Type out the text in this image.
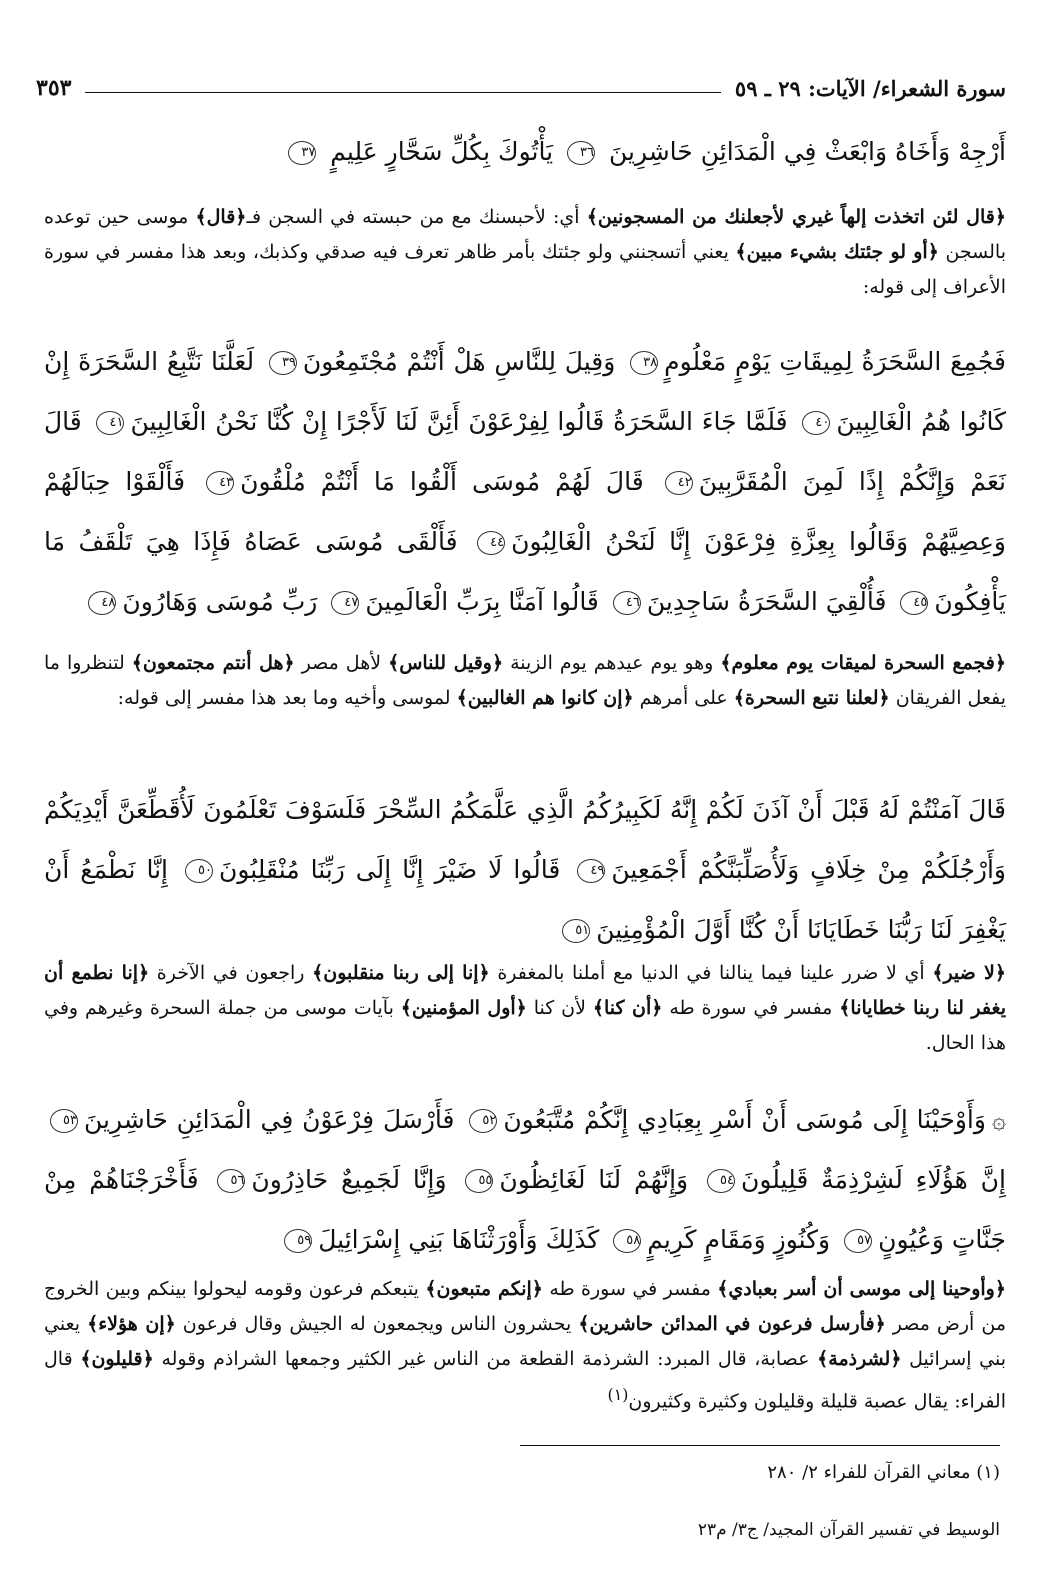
سورة الشعراء/ الآيات: ٢٩ ـ ٥٩
٣٥٣
أَرْجِهْ وَأَخَاهُ وَابْعَثْ فِي الْمَدَائِنِ حَاشِرِينَ ٣٦ يَأْتُوكَ بِكُلِّ سَحَّارٍ عَلِيمٍ ٣٧
﴿قال لئن اتخذت إلهاً غيري لأجعلنك من المسجونين﴾ أي: لأحبسنك مع من حبسته في السجن فـ﴿قال﴾ موسى حين توعده بالسجن ﴿أو لو جئتك بشيء مبين﴾ يعني أتسجنني ولو جئتك بأمر ظاهر تعرف فيه صدقي وكذبك، وبعد هذا مفسر في سورة الأعراف إلى قوله:
فَجُمِعَ السَّحَرَةُ لِمِيقَاتِ يَوْمٍ مَعْلُومٍ٣٨ وَقِيلَ لِلنَّاسِ هَلْ أَنْتُمْ مُجْتَمِعُونَ٣٩ لَعَلَّنَا نَتَّبِعُ السَّحَرَةَ إِنْ كَانُوا هُمُ الْغَالِبِينَ٤٠ فَلَمَّا جَاءَ السَّحَرَةُ قَالُوا لِفِرْعَوْنَ أَئِنَّ لَنَا لَأَجْرًا إِنْ كُنَّا نَحْنُ الْغَالِبِينَ٤١ قَالَ نَعَمْ وَإِنَّكُمْ إِذًا لَمِنَ الْمُقَرَّبِينَ٤٢ قَالَ لَهُمْ مُوسَى أَلْقُوا مَا أَنْتُمْ مُلْقُونَ٤٣ فَأَلْقَوْا حِبَالَهُمْ وَعِصِيَّهُمْ وَقَالُوا بِعِزَّةِ فِرْعَوْنَ إِنَّا لَنَحْنُ الْغَالِبُونَ٤٤ فَأَلْقَى مُوسَى عَصَاهُ فَإِذَا هِيَ تَلْقَفُ مَا يَأْفِكُونَ٤٥ فَأُلْقِيَ السَّحَرَةُ سَاجِدِينَ٤٦ قَالُوا آمَنَّا بِرَبِّ الْعَالَمِينَ٤٧ رَبِّ مُوسَى وَهَارُونَ٤٨
﴿فجمع السحرة لميقات يوم معلوم﴾ وهو يوم عيدهم يوم الزينة ﴿وقيل للناس﴾ لأهل مصر ﴿هل أنتم مجتمعون﴾ لتنظروا ما يفعل الفريقان ﴿لعلنا نتبع السحرة﴾ على أمرهم ﴿إن كانوا هم الغالبين﴾ لموسى وأخيه وما بعد هذا مفسر إلى قوله:
قَالَ آمَنْتُمْ لَهُ قَبْلَ أَنْ آذَنَ لَكُمْ إِنَّهُ لَكَبِيرُكُمُ الَّذِي عَلَّمَكُمُ السِّحْرَ فَلَسَوْفَ تَعْلَمُونَ لَأُقَطِّعَنَّ أَيْدِيَكُمْ وَأَرْجُلَكُمْ مِنْ خِلَافٍ وَلَأُصَلِّبَنَّكُمْ أَجْمَعِينَ٤٩ قَالُوا لَا ضَيْرَ إِنَّا إِلَى رَبِّنَا مُنْقَلِبُونَ٥٠ إِنَّا نَطْمَعُ أَنْ يَغْفِرَ لَنَا رَبُّنَا خَطَايَانَا أَنْ كُنَّا أَوَّلَ الْمُؤْمِنِينَ٥١
﴿لا ضير﴾ أي لا ضرر علينا فيما ينالنا في الدنيا مع أملنا بالمغفرة ﴿إنا إلى ربنا منقلبون﴾ راجعون في الآخرة ﴿إنا نطمع أن يغفر لنا ربنا خطايانا﴾ مفسر في سورة طه ﴿أن كنا﴾ لأن كنا ﴿أول المؤمنين﴾ بآيات موسى من جملة السحرة وغيرهم وفي هذا الحال.
۞وَأَوْحَيْنَا إِلَى مُوسَى أَنْ أَسْرِ بِعِبَادِي إِنَّكُمْ مُتَّبَعُونَ٥٢ فَأَرْسَلَ فِرْعَوْنُ فِي الْمَدَائِنِ حَاشِرِينَ٥٣ إِنَّ هَؤُلَاءِ لَشِرْذِمَةٌ قَلِيلُونَ٥٤ وَإِنَّهُمْ لَنَا لَغَائِظُونَ٥٥ وَإِنَّا لَجَمِيعٌ حَاذِرُونَ٥٦ فَأَخْرَجْنَاهُمْ مِنْ جَنَّاتٍ وَعُيُونٍ٥٧ وَكُنُوزٍ وَمَقَامٍ كَرِيمٍ٥٨ كَذَلِكَ وَأَوْرَثْنَاهَا بَنِي إِسْرَائِيلَ٥٩
﴿وأوحينا إلى موسى أن أسر بعبادي﴾ مفسر في سورة طه ﴿إنكم متبعون﴾ يتبعكم فرعون وقومه ليحولوا بينكم وبين الخروج من أرض مصر ﴿فأرسل فرعون في المدائن حاشرين﴾ يحشرون الناس ويجمعون له الجيش وقال فرعون ﴿إن هؤلاء﴾ يعني بني إسرائيل ﴿لشرذمة﴾ عصابة، قال المبرد: الشرذمة القطعة من الناس غير الكثير وجمعها الشراذم وقوله ﴿قليلون﴾ قال الفراء: يقال عصبة قليلة وقليلون وكثيرة وكثيرون$^{(١)}$
(١) معاني القرآن للفراء ٢/ ٢٨٠
الوسيط في تفسير القرآن المجيد/ ج٣/ م٢٣
